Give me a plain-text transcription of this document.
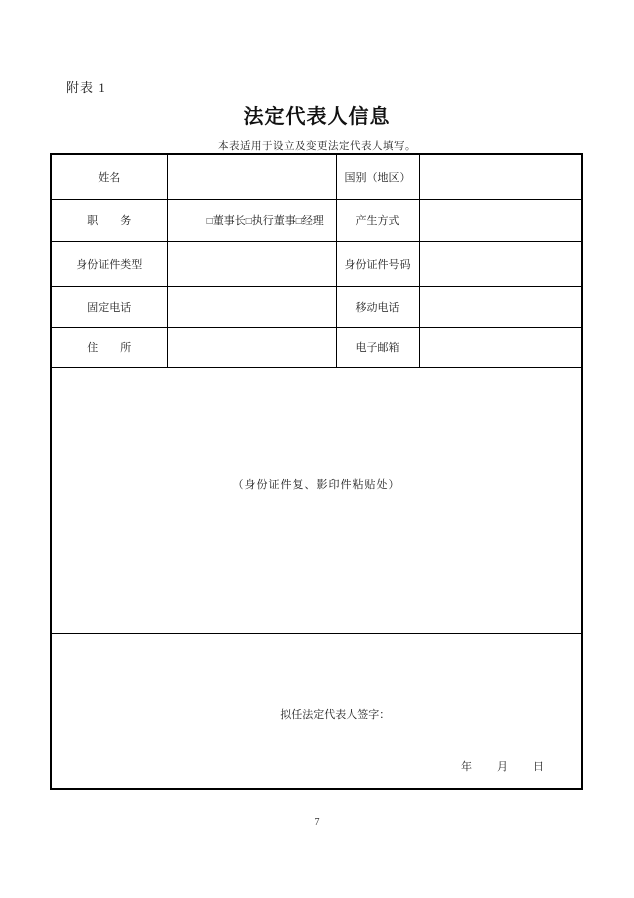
附表 1
法定代表人信息
本表适用于设立及变更法定代表人填写。
姓名		国别（地区）	
职　　务	□董事长□执行董事□经理	产生方式	
身份证件类型		身份证件号码	
固定电话		移动电话	
住　　所		电子邮箱	

（身份证件复、影印件粘贴处）			

拟任法定代表人签字：

年　　月　　日			

7
